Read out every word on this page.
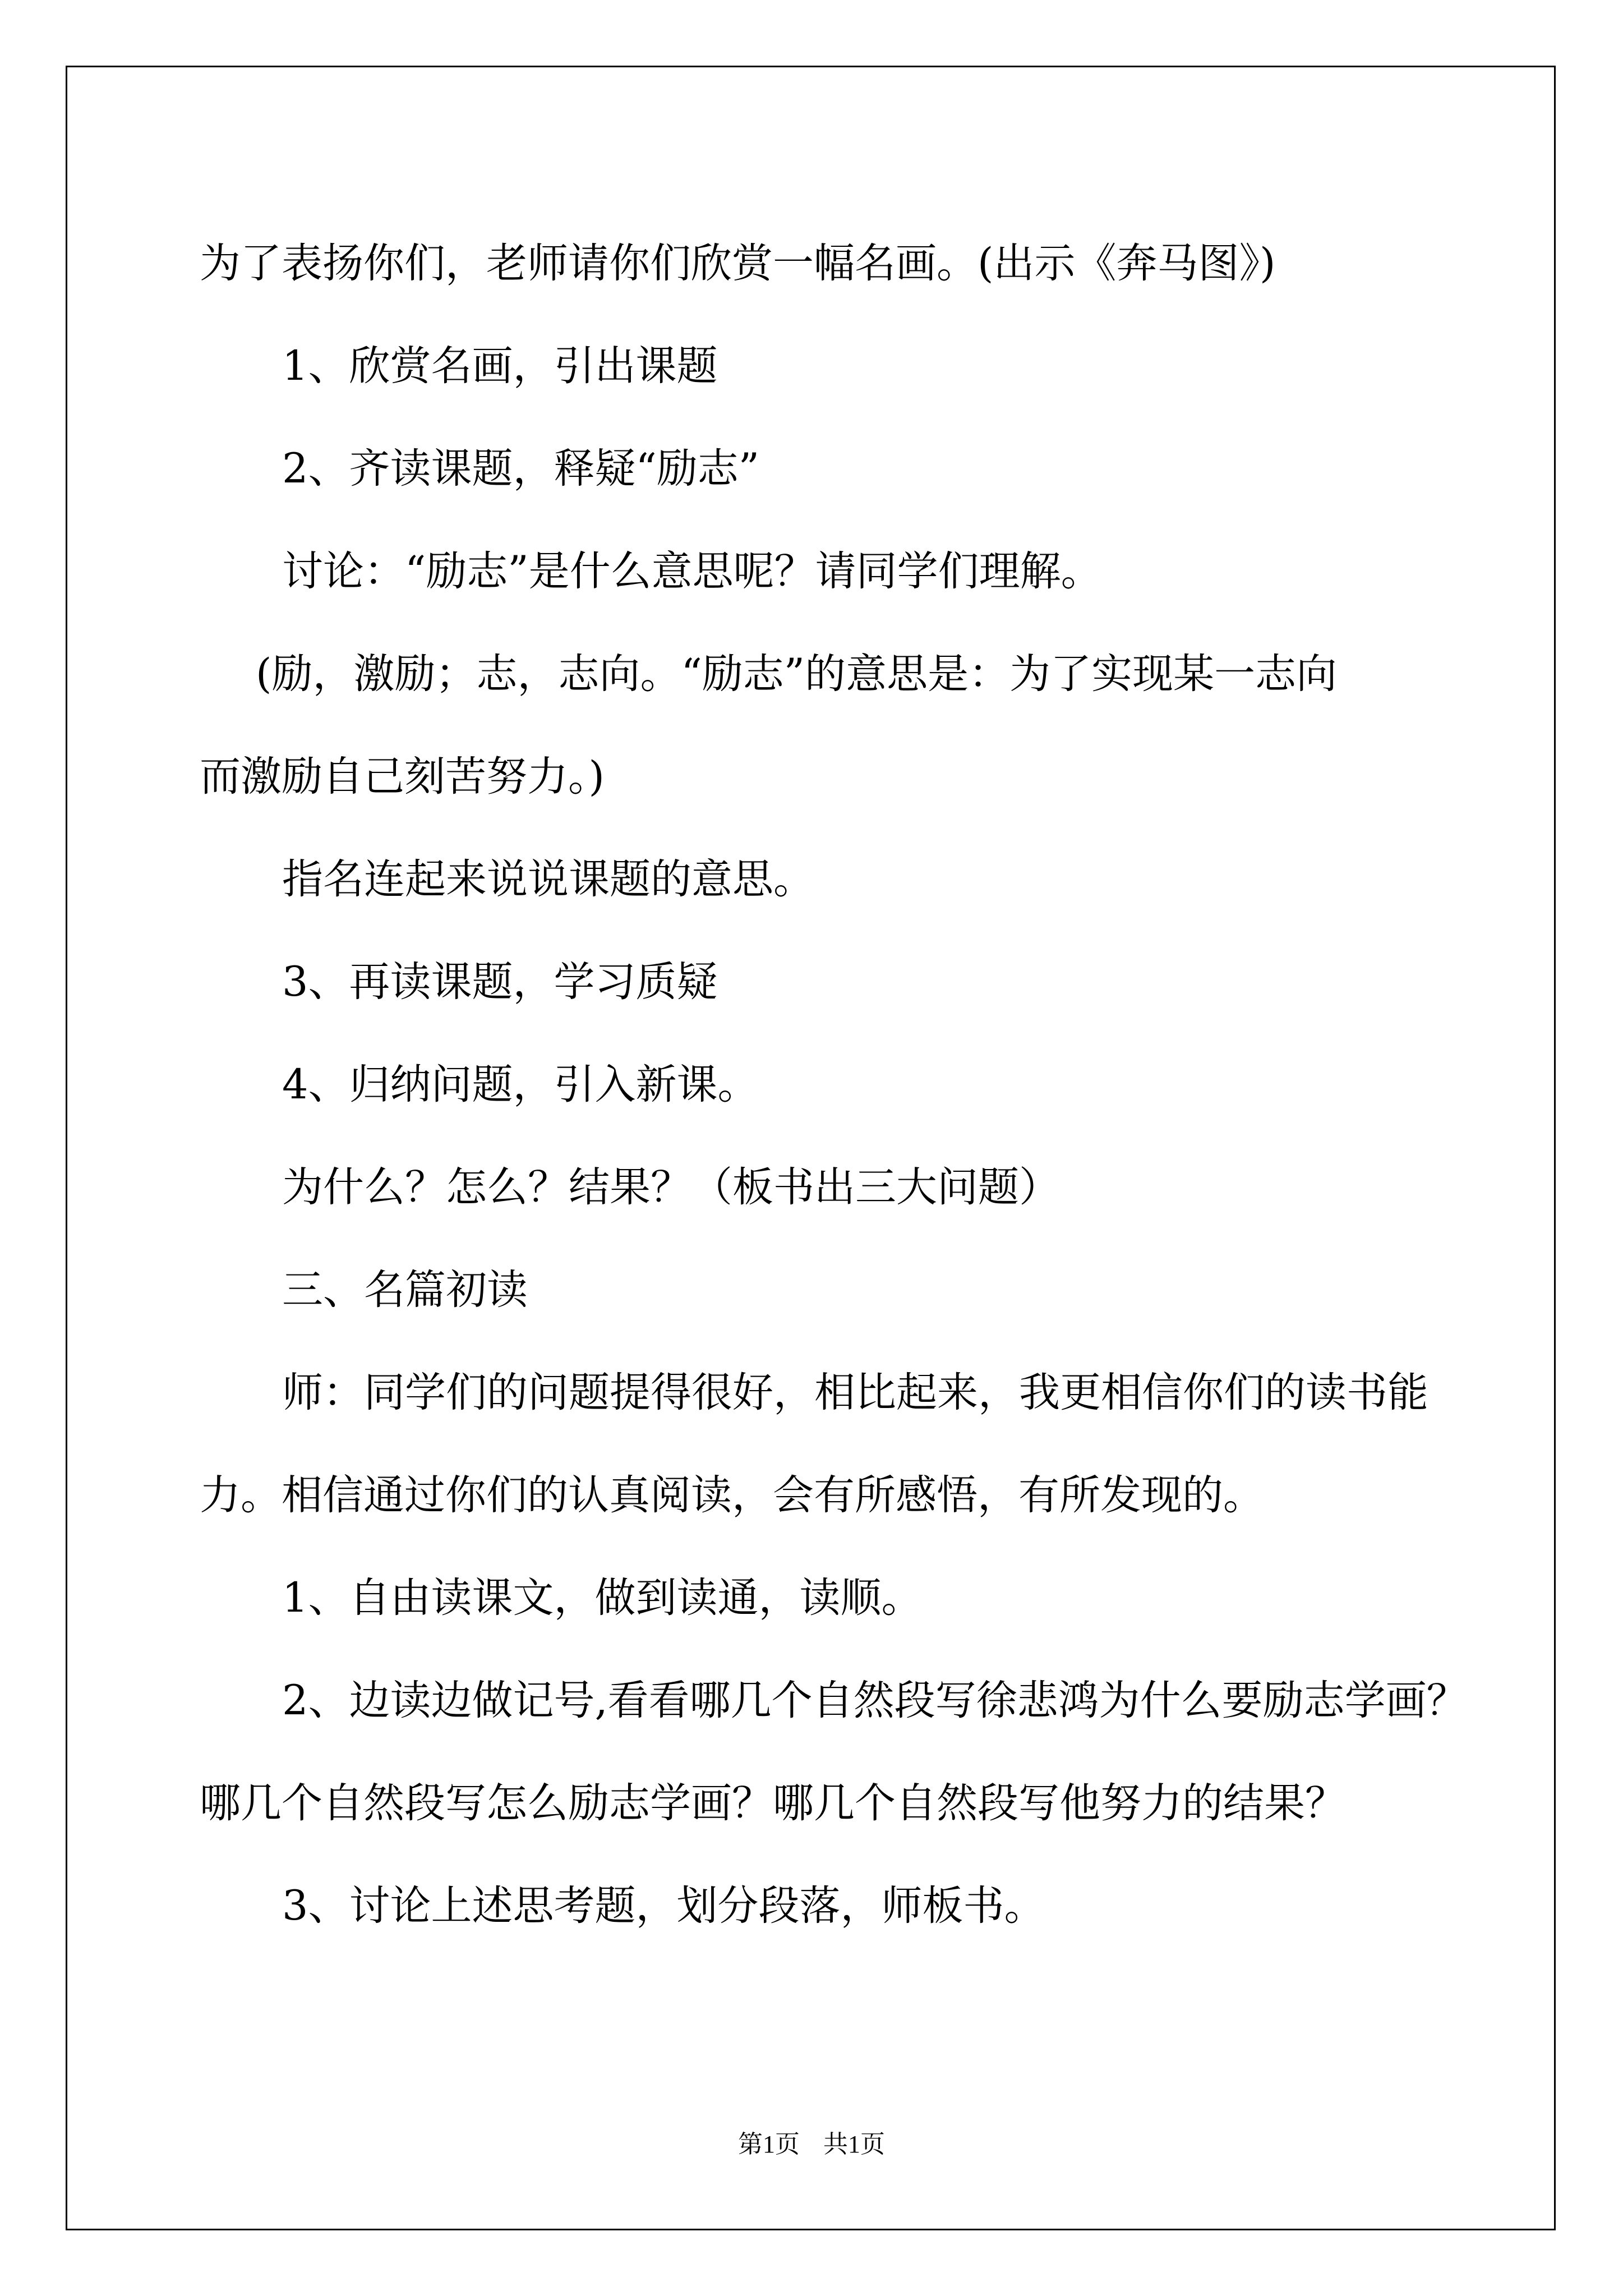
为了表扬你们，老师请你们欣赏一幅名画。(出示《奔马图》)

1、欣赏名画，引出课题

2、齐读课题，释疑“励志”

讨论：“励志”是什么意思呢？请同学们理解。

(励，激励；志，志向。“励志”的意思是：为了实现某一志向

而激励自己刻苦努力。)

指名连起来说说课题的意思。

3、再读课题，学习质疑

4、归纳问题，引入新课。

为什么？怎么？结果？（板书出三大问题）

三、名篇初读

师：同学们的问题提得很好，相比起来，我更相信你们的读书能

力。相信通过你们的认真阅读，会有所感悟，有所发现的。

1、自由读课文，做到读通，读顺。

2、边读边做记号,看看哪几个自然段写徐悲鸿为什么要励志学画？

哪几个自然段写怎么励志学画？哪几个自然段写他努力的结果？

3、讨论上述思考题，划分段落，师板书。

第1页 共1页
